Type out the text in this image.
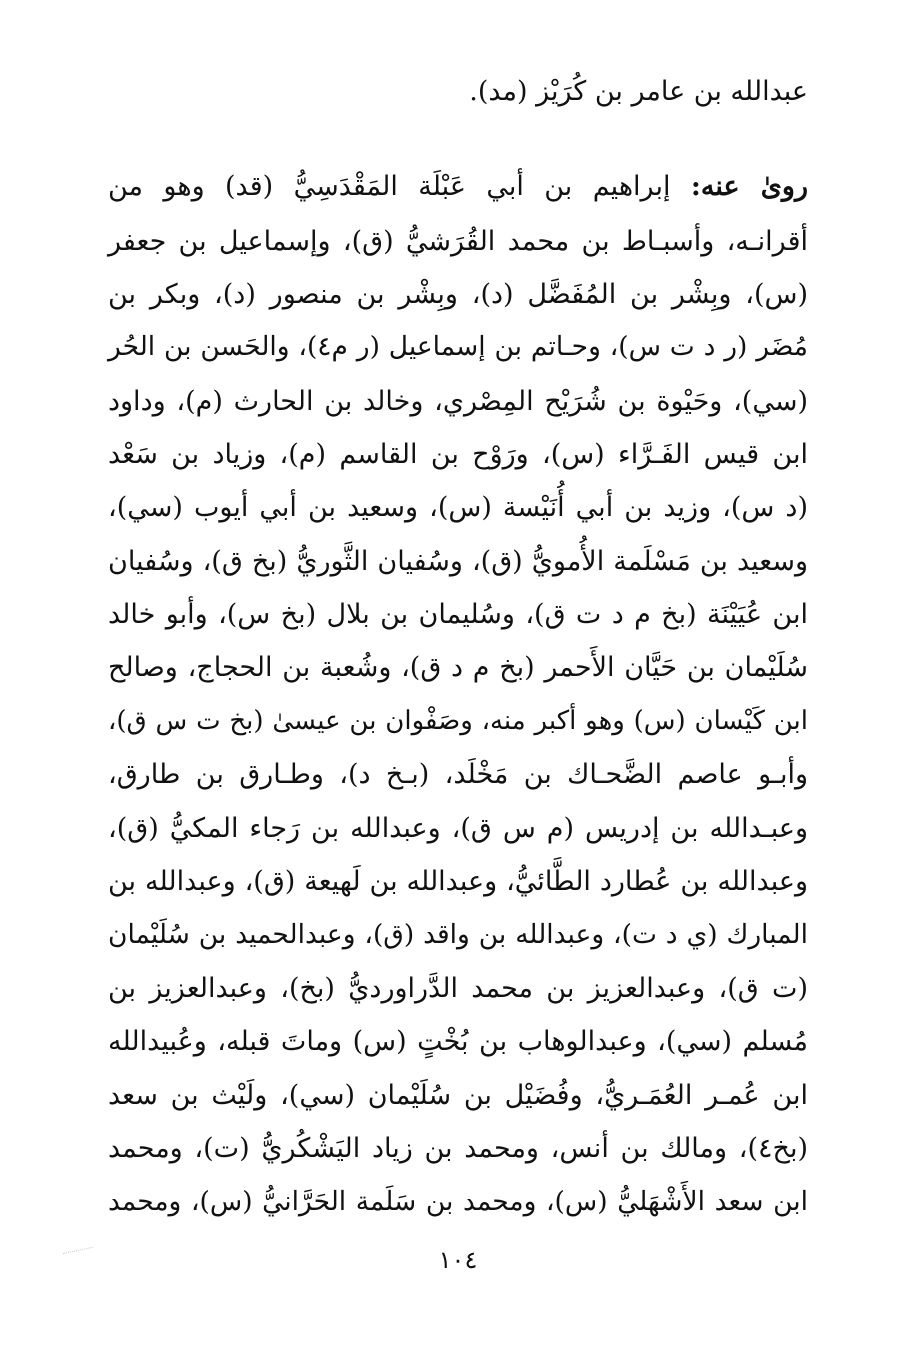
عبدالله بن عامر بن كُرَيْز (مد).
روىٰ عنه: إبراهيم بن أبي عَبْلَة المَقْدَسِيُّ (قد) وهو من
أقرانـه، وأسبـاط بن محمد القُرَشيُّ (ق)، وإسماعيل بن جعفر
(س)، وبِشْر بن المُفَضَّل (د)، وبِشْر بن منصور (د)، وبكر بن
مُضَر (ر د ت س)، وحـاتم بن إسماعيل (ر م٤)، والحَسن بن الحُر
(سي)، وحَيْوة بن شُرَيْح المِصْري، وخالد بن الحارث (م)، وداود
ابن قيس الفَـرَّاء (س)، ورَوْح بن القاسم (م)، وزياد بن سَعْد
(د س)، وزيد بن أبي أُنَيْسة (س)، وسعيد بن أبي أيوب (سي)،
وسعيد بن مَسْلَمة الأُمويُّ (ق)، وسُفيان الثَّوريُّ (بخ ق)، وسُفيان
ابن عُيَيْنَة (بخ م د ت ق)، وسُليمان بن بلال (بخ س)، وأبو خالد
سُلَيْمان بن حَيَّان الأَحمر (بخ م د ق)، وشُعبة بن الحجاج، وصالح
ابن كَيْسان (س) وهو أكبر منه، وصَفْوان بن عيسىٰ (بخ ت س ق)،
وأبـو عاصم الضَّحـاك بن مَخْلَد، (بـخ د)، وطـارق بن طارق،
وعبـدالله بن إدريس (م س ق)، وعبدالله بن رَجاء المكيُّ (ق)،
وعبدالله بن عُطارد الطَّائيُّ، وعبدالله بن لَهيعة (ق)، وعبدالله بن
المبارك (ي د ت)، وعبدالله بن واقد (ق)، وعبدالحميد بن سُلَيْمان
(ت ق)، وعبدالعزيز بن محمد الدَّراورديُّ (بخ)، وعبدالعزيز بن
مُسلم (سي)، وعبدالوهاب بن بُخْتٍ (س) وماتَ قبله، وعُبيدالله
ابن عُمـر العُمَـريُّ، وفُضَيْل بن سُلَيْمان (سي)، ولَيْث بن سعد
(بخ٤)، ومالك بن أنس، ومحمد بن زياد اليَشْكُريُّ (ت)، ومحمد
ابن سعد الأَشْهَليُّ (س)، ومحمد بن سَلَمة الحَرَّانيُّ (س)، ومحمد
١٠٤
